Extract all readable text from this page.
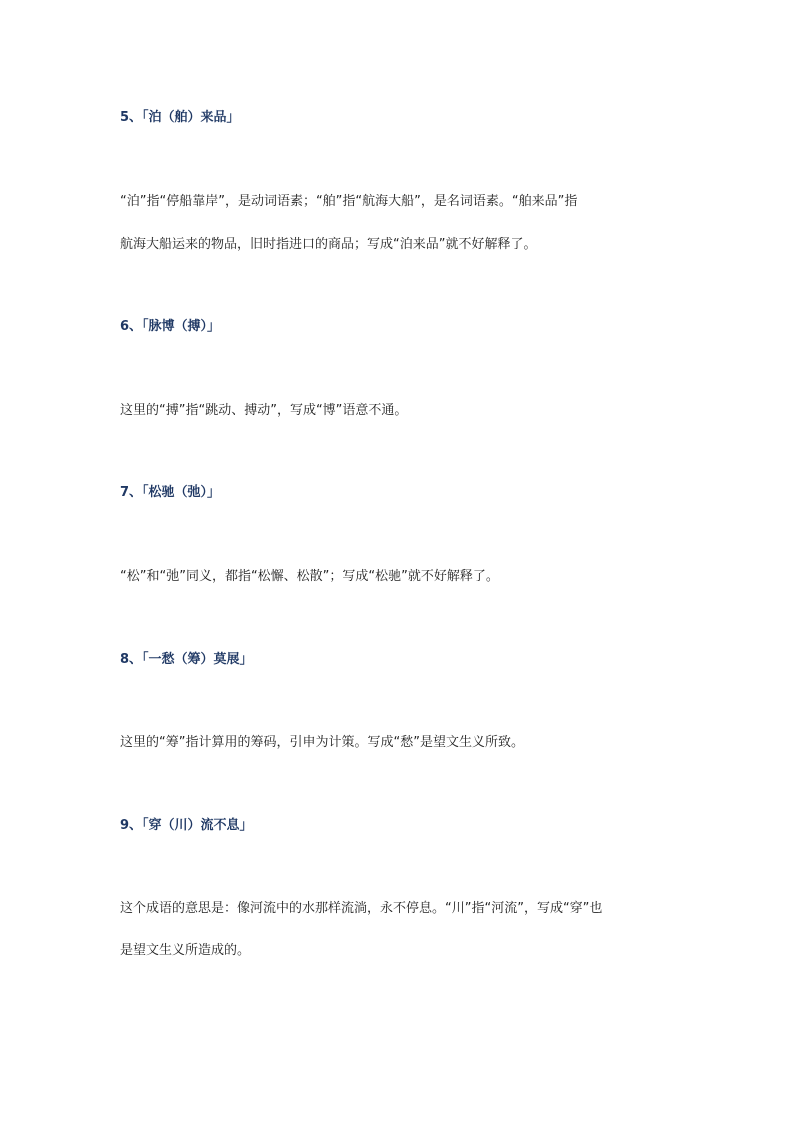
5、「泊（舶）来品」
“泊”指“停船靠岸”，是动词语素；“舶”指“航海大船”，是名词语素。“舶来品”指
航海大船运来的物品，旧时指进口的商品；写成“泊来品”就不好解释了。
6、「脉博（搏）」
这里的“搏”指“跳动、搏动”，写成“博”语意不通。
7、「松驰（弛）」
“松”和“弛”同义，都指“松懈、松散”；写成“松驰”就不好解释了。
8、「一愁（筹）莫展」
这里的“筹”指计算用的筹码，引申为计策。写成“愁”是望文生义所致。
9、「穿（川）流不息」
这个成语的意思是：像河流中的水那样流淌，永不停息。“川”指“河流”，写成“穿”也
是望文生义所造成的。
